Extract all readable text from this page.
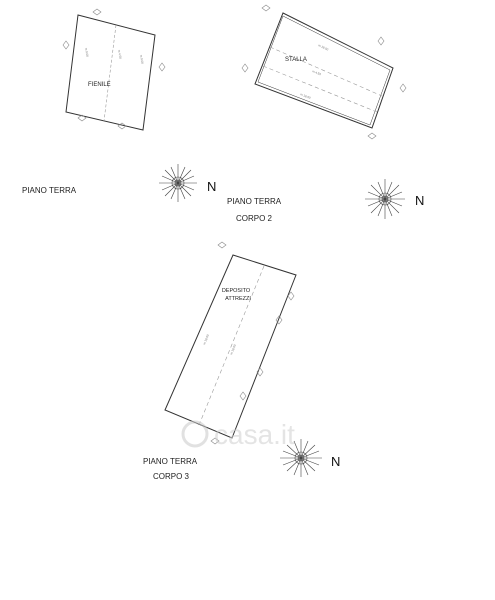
FIENILE
m 9.00
m 9.00
m 4.50
STALLA
m 18.00
m 4.50
m 18.00
DEPOSITO
ATTREZZI
m 18.00
m 18.00
N
N
N
PIANO TERRA
PIANO TERRA
CORPO 2
PIANO TERRA
CORPO 3
casa.it
